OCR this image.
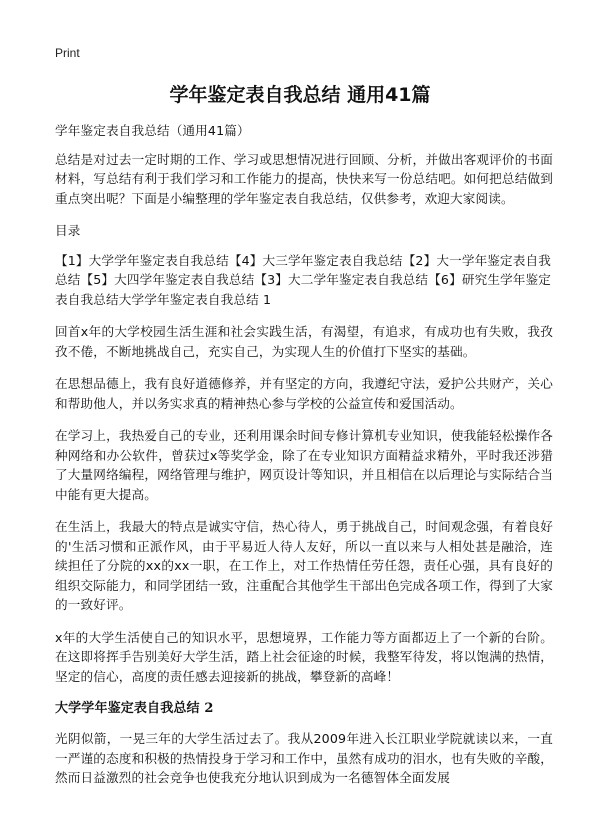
Print
学年鉴定表自我总结 通用41篇

学年鉴定表自我总结（通用41篇）

总结是对过去一定时期的工作、学习或思想情况进行回顾、分析，并做出客观评价的书面材料，写总结有利于我们学习和工作能力的提高，快快来写一份总结吧。如何把总结做到重点突出呢？下面是小编整理的学年鉴定表自我总结，仅供参考，欢迎大家阅读。

目录

【1】大学学年鉴定表自我总结【4】大三学年鉴定表自我总结【2】大一学年鉴定表自我总结【5】大四学年鉴定表自我总结【3】大二学年鉴定表自我总结【6】研究生学年鉴定表自我总结大学学年鉴定表自我总结 1

回首x年的大学校园生活生涯和社会实践生活，有渴望，有追求，有成功也有失败，我孜孜不倦，不断地挑战自己，充实自己，为实现人生的价值打下坚实的基础。

在思想品德上，我有良好道德修养，并有坚定的方向，我遵纪守法，爱护公共财产，关心和帮助他人，并以务实求真的精神热心参与学校的公益宣传和爱国活动。

在学习上，我热爱自己的专业，还利用课余时间专修计算机专业知识，使我能轻松操作各种网络和办公软件，曾获过x等奖学金，除了在专业知识方面精益求精外，平时我还涉猎了大量网络编程，网络管理与维护，网页设计等知识，并且相信在以后理论与实际结合当中能有更大提高。

在生活上，我最大的特点是诚实守信，热心待人，勇于挑战自己，时间观念强，有着良好的'生活习惯和正派作风，由于平易近人待人友好，所以一直以来与人相处甚是融洽，连续担任了分院的xx的xx一职，在工作上，对工作热情任劳任怨，责任心强，具有良好的组织交际能力，和同学团结一致，注重配合其他学生干部出色完成各项工作，得到了大家的一致好评。

x年的大学生活使自己的知识水平，思想境界，工作能力等方面都迈上了一个新的台阶。在这即将挥手告别美好大学生活，踏上社会征途的时候，我整军待发，将以饱满的热情，坚定的信心，高度的责任感去迎接新的挑战，攀登新的高峰！

大学学年鉴定表自我总结 2

光阴似箭，一晃三年的大学生活过去了。我从2009年进入长江职业学院就读以来，一直一严谨的态度和积极的热情投身于学习和工作中，虽然有成功的泪水，也有失败的辛酸，然而日益激烈的社会竞争也使我充分地认识到成为一名德智体全面发展
